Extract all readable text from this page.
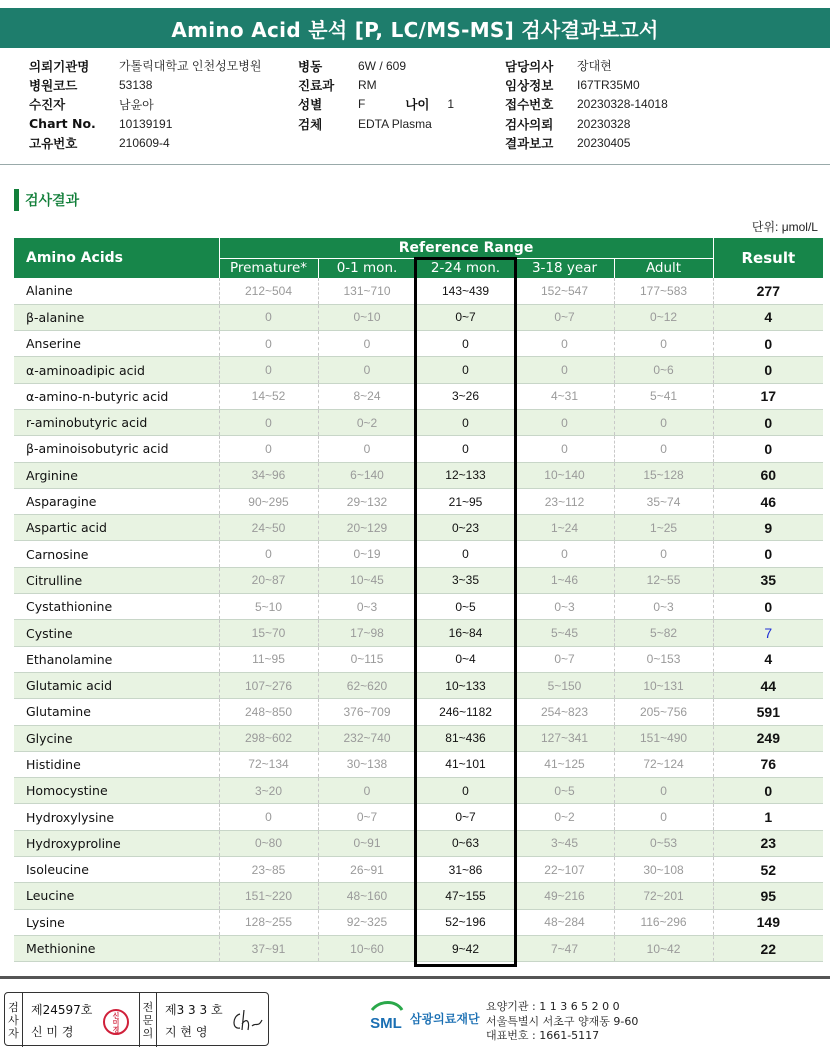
Amino Acid 분석 [P, LC/MS-MS] 검사결과보고서
의뢰기관명	가톨릭대학교 인천성모병원
병원코드	53138
수진자	남윤아
Chart No.	10139191
고유번호	210609-4
병동	6W / 609
진료과	RM
성별	F	나이	1
검체	EDTA Plasma
담당의사	장대현
임상정보	I67TR35M0
접수번호	20230328-14018
검사의뢰	20230328
결과보고	20230405
검사결과
단위: μmol/L
Amino Acids	Reference Range					Result
	Premature*	0-1 mon.	2-24 mon.	3-18 year	Adult	
Alanine	212~504	131~710	143~439	152~547	177~583	277
β-alanine	0	0~10	0~7	0~7	0~12	4
Anserine	0	0	0	0	0	0
α-aminoadipic acid	0	0	0	0	0~6	0
α-amino-n-butyric acid	14~52	8~24	3~26	4~31	5~41	17
r-aminobutyric acid	0	0~2	0	0	0	0
β-aminoisobutyric acid	0	0	0	0	0	0
Arginine	34~96	6~140	12~133	10~140	15~128	60
Asparagine	90~295	29~132	21~95	23~112	35~74	46
Aspartic acid	24~50	20~129	0~23	1~24	1~25	9
Carnosine	0	0~19	0	0	0	0
Citrulline	20~87	10~45	3~35	1~46	12~55	35
Cystathionine	5~10	0~3	0~5	0~3	0~3	0
Cystine	15~70	17~98	16~84	5~45	5~82	7
Ethanolamine	11~95	0~115	0~4	0~7	0~153	4
Glutamic acid	107~276	62~620	10~133	5~150	10~131	44
Glutamine	248~850	376~709	246~1182	254~823	205~756	591
Glycine	298~602	232~740	81~436	127~341	151~490	249
Histidine	72~134	30~138	41~101	41~125	72~124	76
Homocystine	3~20	0	0	0~5	0	0
Hydroxylysine	0	0~7	0~7	0~2	0	1
Hydroxyproline	0~80	0~91	0~63	3~45	0~53	23
Isoleucine	23~85	26~91	31~86	22~107	30~108	52
Leucine	151~220	48~160	47~155	49~216	72~201	95
Lysine	128~255	92~325	52~196	48~284	116~296	149
Methionine	37~91	10~60	9~42	7~47	10~42	22
검
사
자
제24597호
신 미 경	신미경
전
문
의
제3 3 3 호
지 현 영	SML 삼광의료재단
요양기관 : 1 1 3 6 5 2 0 0
서울특별시 서초구 양재동 9-60
대표번호 : 1661-5117
